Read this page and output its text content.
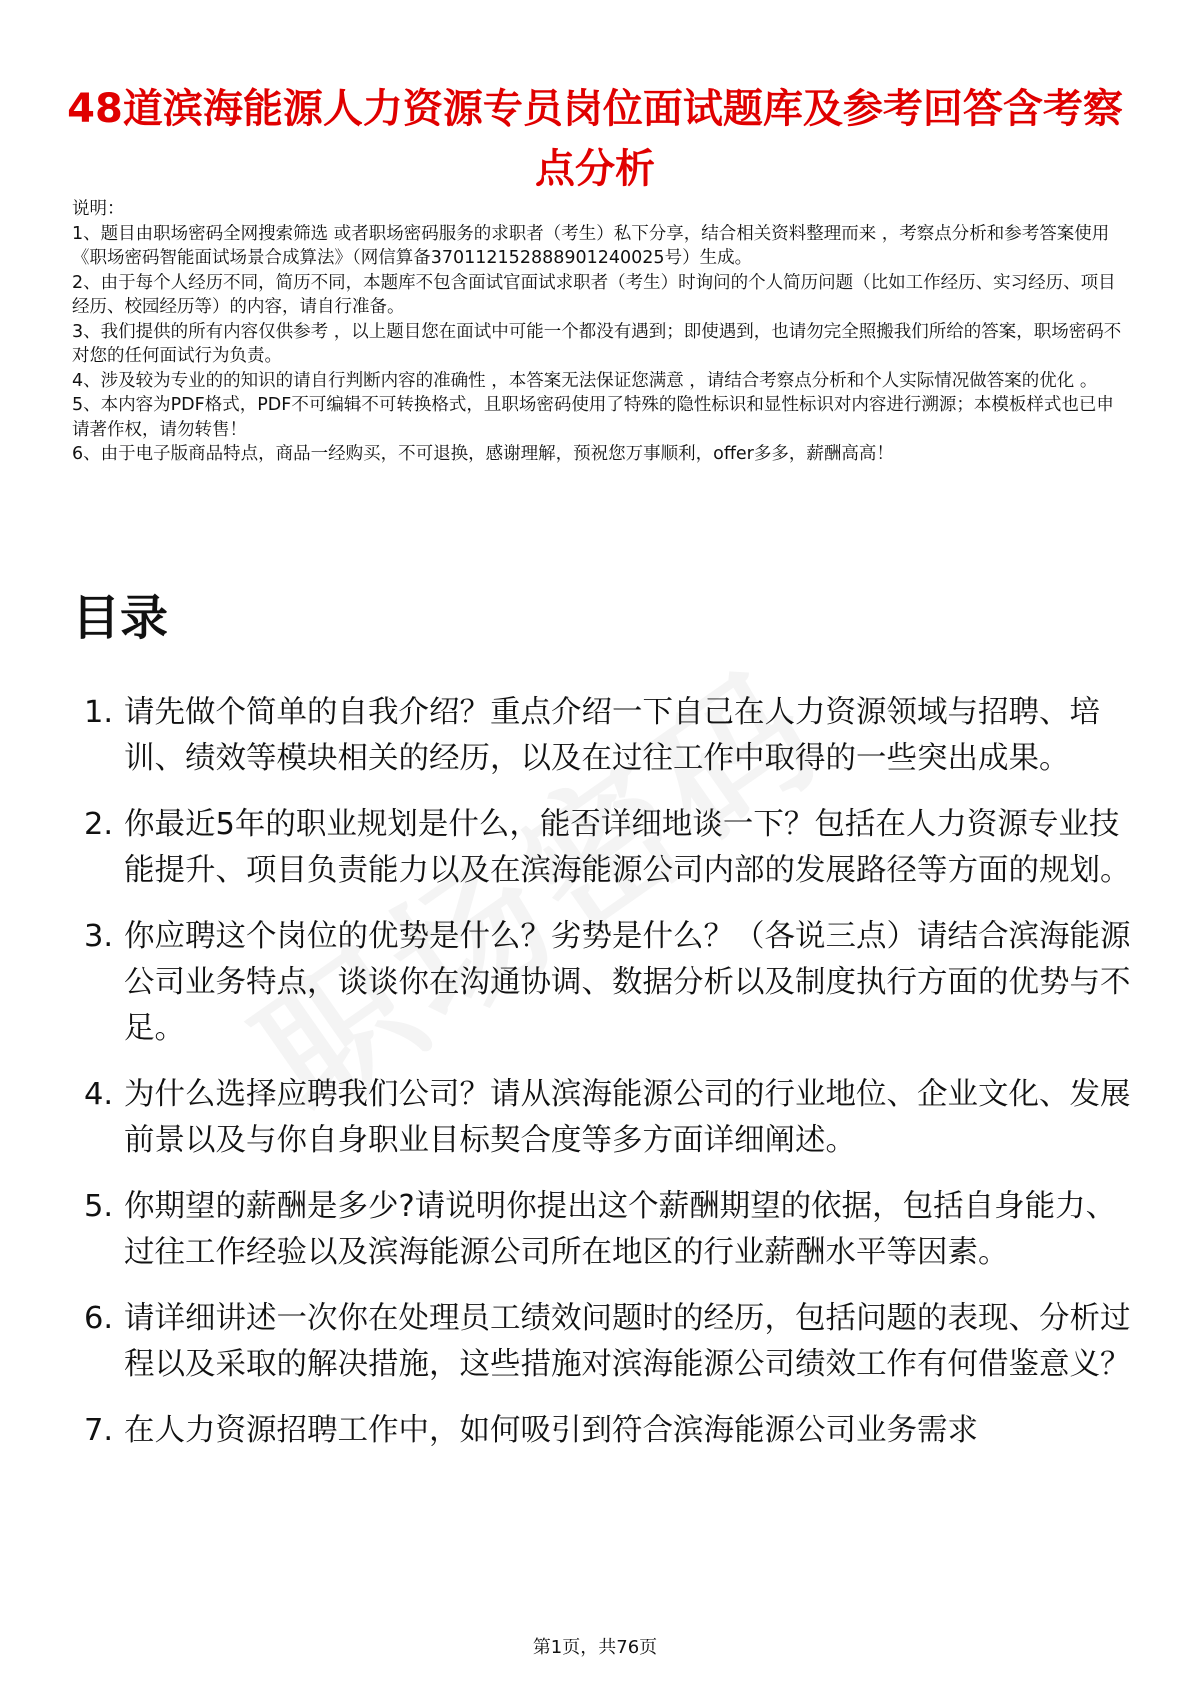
48道滨海能源人力资源专员岗位面试题库及参考回答含考察点分析

说明：

1、题目由职场密码全网搜索筛选 或者职场密码服务的求职者（考生）私下分享，结合相关资料整理而来 ，考察点分析和参考答案使用《职场密码智能面试场景合成算法》（网信算备370112152888901240025号）生成。

2、由于每个人经历不同，简历不同，本题库不包含面试官面试求职者（考生）时询问的个人简历问题（比如工作经历、实习经历、项目经历、校园经历等）的内容，请自行准备。

3、我们提供的所有内容仅供参考 ，以上题目您在面试中可能一个都没有遇到；即使遇到，也请勿完全照搬我们所给的答案，职场密码不对您的任何面试行为负责。

4、涉及较为专业的的知识的请自行判断内容的准确性 ，本答案无法保证您满意 ，请结合考察点分析和个人实际情况做答案的优化 。

5、本内容为PDF格式，PDF不可编辑不可转换格式，且职场密码使用了特殊的隐性标识和显性标识对内容进行溯源；本模板样式也已申请著作权，请勿转售！

6、由于电子版商品特点，商品一经购买，不可退换，感谢理解，预祝您万事顺利，offer多多，薪酬高高！

目录
1. 请先做个简单的自我介绍？重点介绍一下自己在人力资源领域与招聘、培训、绩效等模块相关的经历，以及在过往工作中取得的一些突出成果。
2. 你最近5年的职业规划是什么，能否详细地谈一下？包括在人力资源专业技能提升、项目负责能力以及在滨海能源公司内部的发展路径等方面的规划。
3. 你应聘这个岗位的优势是什么？劣势是什么？（各说三点）请结合滨海能源公司业务特点，谈谈你在沟通协调、数据分析以及制度执行方面的优势与不足。
4. 为什么选择应聘我们公司？请从滨海能源公司的行业地位、企业文化、发展前景以及与你自身职业目标契合度等多方面详细阐述。
5. 你期望的薪酬是多少?请说明你提出这个薪酬期望的依据，包括自身能力、过往工作经验以及滨海能源公司所在地区的行业薪酬水平等因素。
6. 请详细讲述一次你在处理员工绩效问题时的经历，包括问题的表现、分析过程以及采取的解决措施，这些措施对滨海能源公司绩效工作有何借鉴意义？
7. 在人力资源招聘工作中，如何吸引到符合滨海能源公司业务需求
第1页，共76页
